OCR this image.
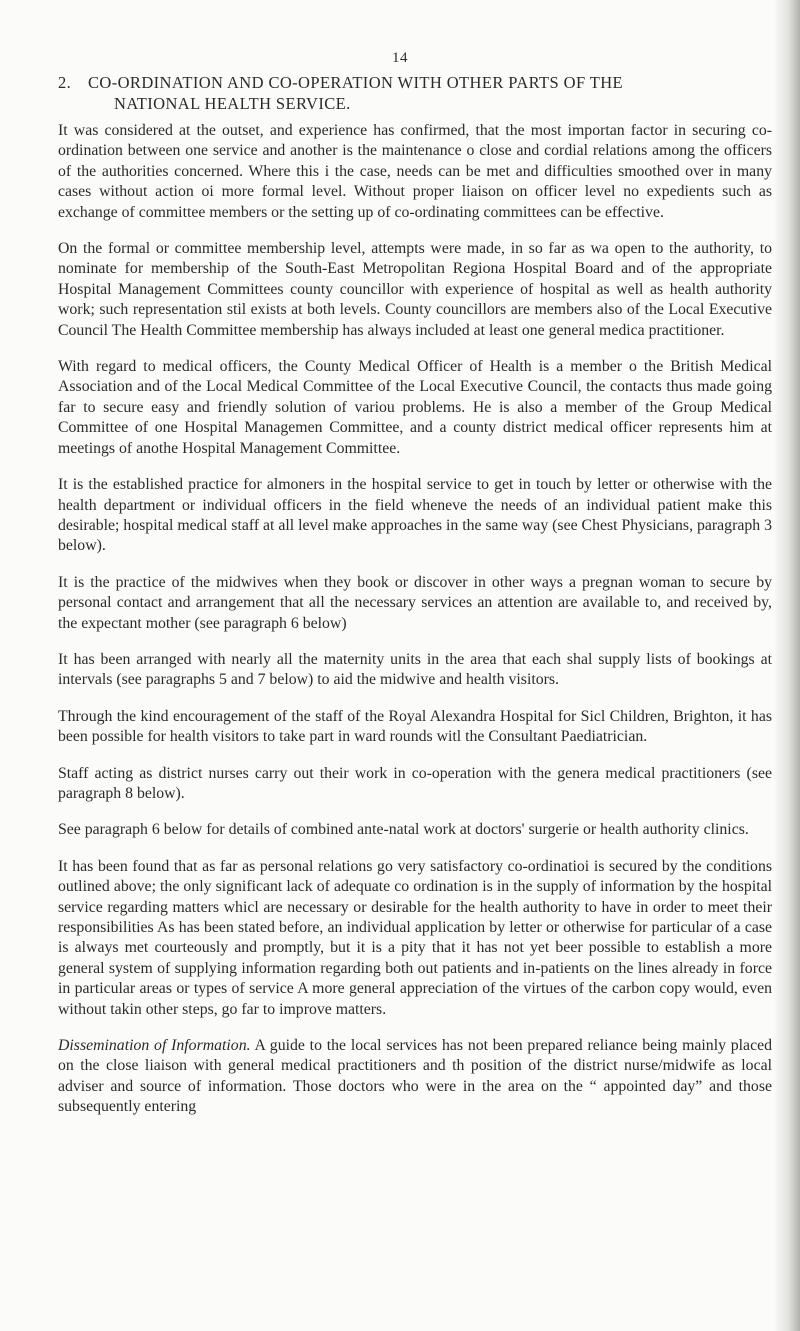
14
2. CO-ORDINATION AND CO-OPERATION WITH OTHER PARTS OF THE
NATIONAL HEALTH SERVICE.

It was considered at the outset, and experience has confirmed, that the most importan factor in securing co-ordination between one service and another is the maintenance o close and cordial relations among the officers of the authorities concerned. Where this i the case, needs can be met and difficulties smoothed over in many cases without action oi more formal level. Without proper liaison on officer level no expedients such as exchange of committee members or the setting up of co-ordinating committees can be effective.

On the formal or committee membership level, attempts were made, in so far as wa open to the authority, to nominate for membership of the South-East Metropolitan Regiona Hospital Board and of the appropriate Hospital Management Committees county councillor with experience of hospital as well as health authority work; such representation stil exists at both levels. County councillors are members also of the Local Executive Council The Health Committee membership has always included at least one general medica practitioner.

With regard to medical officers, the County Medical Officer of Health is a member o the British Medical Association and of the Local Medical Committee of the Local Executive Council, the contacts thus made going far to secure easy and friendly solution of variou problems. He is also a member of the Group Medical Committee of one Hospital Managemen Committee, and a county district medical officer represents him at meetings of anothe Hospital Management Committee.

It is the established practice for almoners in the hospital service to get in touch by letter or otherwise with the health department or individual officers in the field wheneve the needs of an individual patient make this desirable; hospital medical staff at all level make approaches in the same way (see Chest Physicians, paragraph 3 below).

It is the practice of the midwives when they book or discover in other ways a pregnan woman to secure by personal contact and arrangement that all the necessary services an attention are available to, and received by, the expectant mother (see paragraph 6 below)

It has been arranged with nearly all the maternity units in the area that each shal supply lists of bookings at intervals (see paragraphs 5 and 7 below) to aid the midwive and health visitors.

Through the kind encouragement of the staff of the Royal Alexandra Hospital for Sicl Children, Brighton, it has been possible for health visitors to take part in ward rounds witl the Consultant Paediatrician.

Staff acting as district nurses carry out their work in co-operation with the genera medical practitioners (see paragraph 8 below).

See paragraph 6 below for details of combined ante-natal work at doctors' surgerie or health authority clinics.

It has been found that as far as personal relations go very satisfactory co-ordinatioi is secured by the conditions outlined above; the only significant lack of adequate co ordination is in the supply of information by the hospital service regarding matters whicl are necessary or desirable for the health authority to have in order to meet their responsibilities As has been stated before, an individual application by letter or otherwise for particular of a case is always met courteously and promptly, but it is a pity that it has not yet beer possible to establish a more general system of supplying information regarding both out patients and in-patients on the lines already in force in particular areas or types of service A more general appreciation of the virtues of the carbon copy would, even without takin other steps, go far to improve matters.

Dissemination of Information. A guide to the local services has not been prepared reliance being mainly placed on the close liaison with general medical practitioners and th position of the district nurse/midwife as local adviser and source of information. Those doctors who were in the area on the “ appointed day” and those subsequently entering
